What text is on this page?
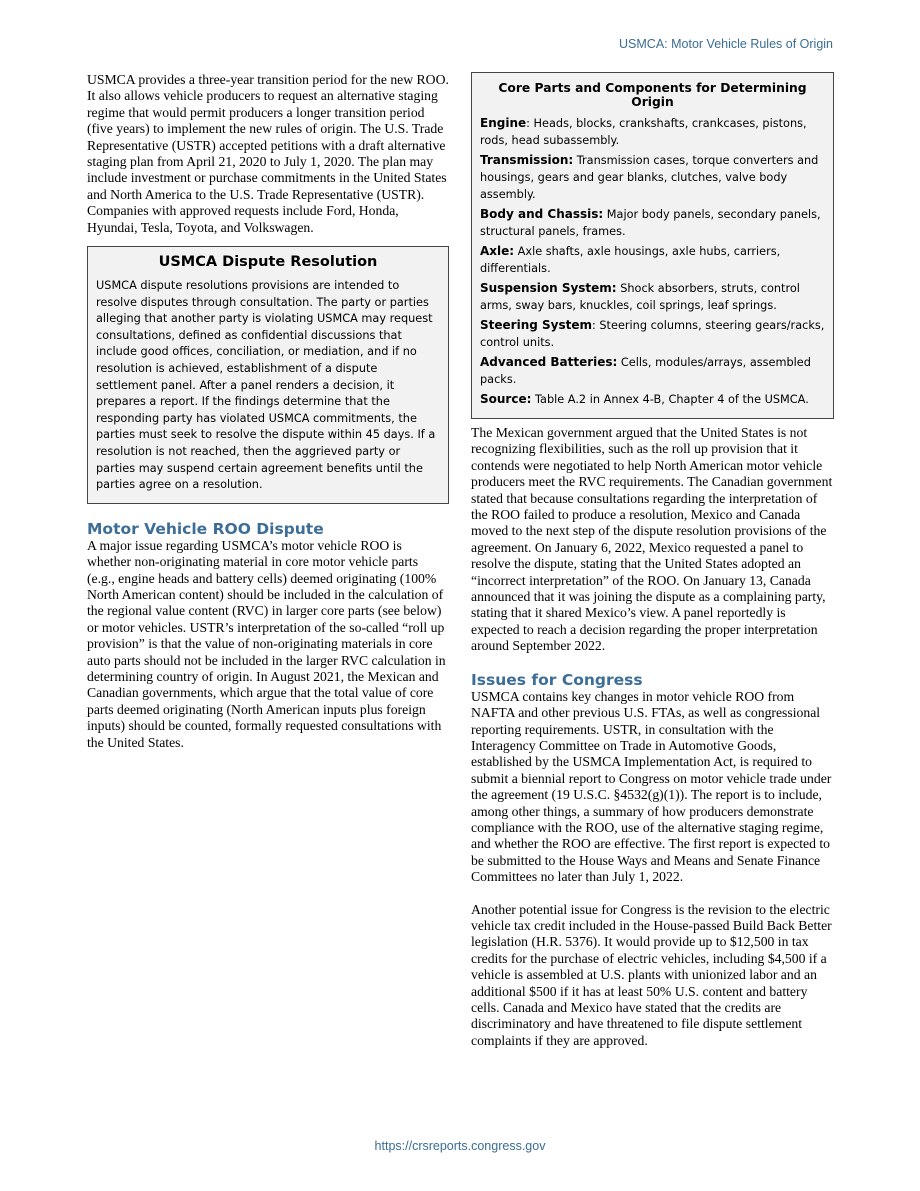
USMCA: Motor Vehicle Rules of Origin

USMCA provides a three-year transition period for the new ROO. It also allows vehicle producers to request an alternative staging regime that would permit producers a longer transition period (five years) to implement the new rules of origin. The U.S. Trade Representative (USTR) accepted petitions with a draft alternative staging plan from April 21, 2020 to July 1, 2020. The plan may include investment or purchase commitments in the United States and North America to the U.S. Trade Representative (USTR). Companies with approved requests include Ford, Honda, Hyundai, Tesla, Toyota, and Volkswagen.

USMCA Dispute Resolution

USMCA dispute resolutions provisions are intended to resolve disputes through consultation. The party or parties alleging that another party is violating USMCA may request consultations, defined as confidential discussions that include good offices, conciliation, or mediation, and if no resolution is achieved, establishment of a dispute settlement panel. After a panel renders a decision, it prepares a report. If the findings determine that the responding party has violated USMCA commitments, the parties must seek to resolve the dispute within 45 days. If a resolution is not reached, then the aggrieved party or parties may suspend certain agreement benefits until the parties agree on a resolution.

Motor Vehicle ROO Dispute

A major issue regarding USMCA’s motor vehicle ROO is whether non-originating material in core motor vehicle parts (e.g., engine heads and battery cells) deemed originating (100% North American content) should be included in the calculation of the regional value content (RVC) in larger core parts (see below) or motor vehicles. USTR’s interpretation of the so-called “roll up provision” is that the value of non-originating materials in core auto parts should not be included in the larger RVC calculation in determining country of origin. In August 2021, the Mexican and Canadian governments, which argue that the total value of core parts deemed originating (North American inputs plus foreign inputs) should be counted, formally requested consultations with the United States.

Core Parts and Components for Determining Origin

Engine: Heads, blocks, crankshafts, crankcases, pistons, rods, head subassembly.

Transmission: Transmission cases, torque converters and housings, gears and gear blanks, clutches, valve body assembly.

Body and Chassis: Major body panels, secondary panels, structural panels, frames.

Axle: Axle shafts, axle housings, axle hubs, carriers, differentials.

Suspension System: Shock absorbers, struts, control arms, sway bars, knuckles, coil springs, leaf springs.

Steering System: Steering columns, steering gears/racks, control units.

Advanced Batteries: Cells, modules/arrays, assembled packs.

Source: Table A.2 in Annex 4-B, Chapter 4 of the USMCA.

The Mexican government argued that the United States is not recognizing flexibilities, such as the roll up provision that it contends were negotiated to help North American motor vehicle producers meet the RVC requirements. The Canadian government stated that because consultations regarding the interpretation of the ROO failed to produce a resolution, Mexico and Canada moved to the next step of the dispute resolution provisions of the agreement. On January 6, 2022, Mexico requested a panel to resolve the dispute, stating that the United States adopted an “incorrect interpretation” of the ROO. On January 13, Canada announced that it was joining the dispute as a complaining party, stating that it shared Mexico’s view. A panel reportedly is expected to reach a decision regarding the proper interpretation around September 2022.

Issues for Congress

USMCA contains key changes in motor vehicle ROO from NAFTA and other previous U.S. FTAs, as well as congressional reporting requirements. USTR, in consultation with the Interagency Committee on Trade in Automotive Goods, established by the USMCA Implementation Act, is required to submit a biennial report to Congress on motor vehicle trade under the agreement (19 U.S.C. §4532(g)(1)). The report is to include, among other things, a summary of how producers demonstrate compliance with the ROO, use of the alternative staging regime, and whether the ROO are effective. The first report is expected to be submitted to the House Ways and Means and Senate Finance Committees no later than July 1, 2022.

Another potential issue for Congress is the revision to the electric vehicle tax credit included in the House-passed Build Back Better legislation (H.R. 5376). It would provide up to $12,500 in tax credits for the purchase of electric vehicles, including $4,500 if a vehicle is assembled at U.S. plants with unionized labor and an additional $500 if it has at least 50% U.S. content and battery cells. Canada and Mexico have stated that the credits are discriminatory and have threatened to file dispute settlement complaints if they are approved.

https://crsreports.congress.gov
